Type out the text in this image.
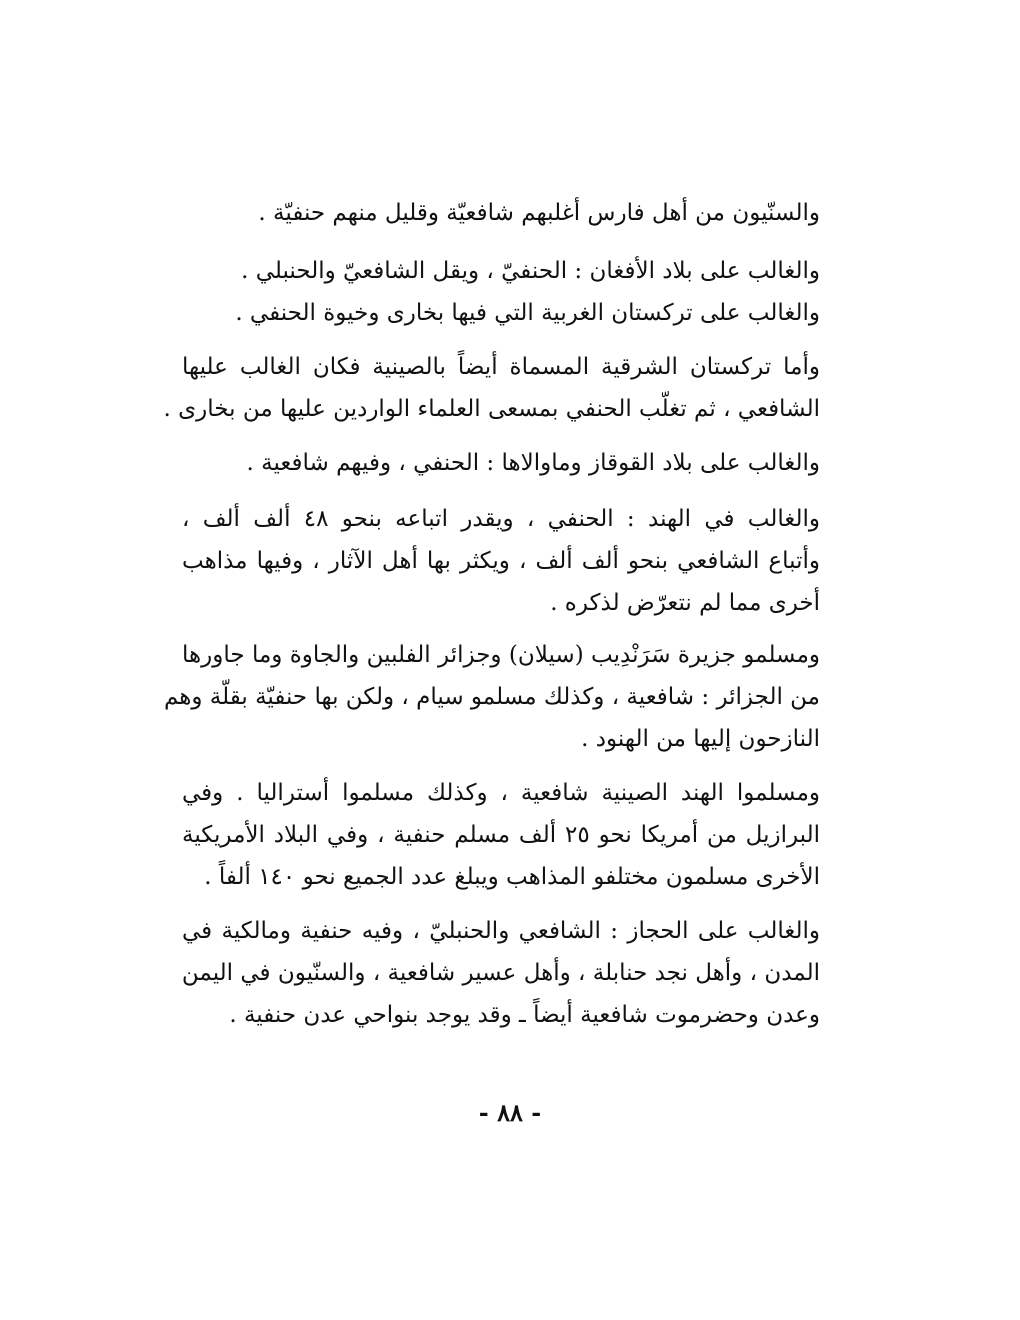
والسنّيون من أهل فارس أغلبهم شافعيّة وقليل منهم حنفيّة .
والغالب على بلاد الأفغان : الحنفيّ ، ويقل الشافعيّ والحنبلي .
والغالب على تركستان الغربية التي فيها بخارى وخيوة الحنفي .
وأما تركستان الشرقية المسماة أيضاً بالصينية فكان الغالب عليها
الشافعي ، ثم تغلّب الحنفي بمسعى العلماء الواردين عليها من بخارى .
والغالب على بلاد القوقاز وماوالاها : الحنفي ، وفيهم شافعية .
والغالب في الهند : الحنفي ، ويقدر اتباعه بنحو ٤٨ ألف ألف ،
وأتباع الشافعي بنحو ألف ألف ، ويكثر بها أهل الآثار ، وفيها مذاهب
أخرى مما لم نتعرّض لذكره .
ومسلمو جزيرة سَرَنْدِيب (سيلان) وجزائر الفلبين والجاوة وما جاورها
من الجزائر : شافعية ، وكذلك مسلمو سيام ، ولكن بها حنفيّة بقلّة وهم
النازحون إليها من الهنود .
ومسلموا الهند الصينية شافعية ، وكذلك مسلموا أستراليا . وفي
البرازيل من أمريكا نحو ٢٥ ألف مسلم حنفية ، وفي البلاد الأمريكية
الأخرى مسلمون مختلفو المذاهب ويبلغ عدد الجميع نحو ١٤٠ ألفاً .
والغالب على الحجاز : الشافعي والحنبليّ ، وفيه حنفية ومالكية في
المدن ، وأهل نجد حنابلة ، وأهل عسير شافعية ، والسنّيون في اليمن
وعدن وحضرموت شافعية أيضاً ـ وقد يوجد بنواحي عدن حنفية .
- ٨٨ -
